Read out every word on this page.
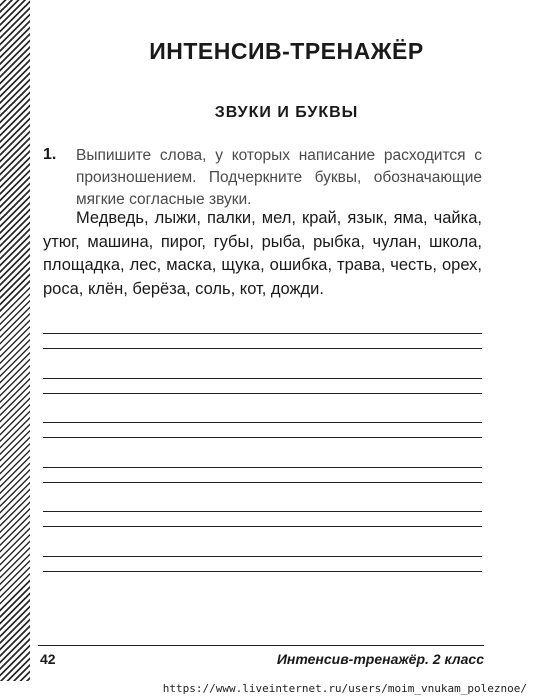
ИНТЕНСИВ-ТРЕНАЖЁР
ЗВУКИ И БУКВЫ
1. Выпишите слова, у которых написание расходится с произношением. Подчеркните буквы, обозначающие мягкие согласные звуки.

Медведь, лыжи, палки, мел, край, язык, яма, чайка, утюг, машина, пирог, губы, рыба, рыбка, чулан, школа, площадка, лес, маска, щука, ошибка, трава, честь, орех, роса, клён, берёза, соль, кот, дожди.

42	Интенсив-тренажёр. 2 класс
https://www.liveinternet.ru/users/moim_vnukam_poleznoe/
